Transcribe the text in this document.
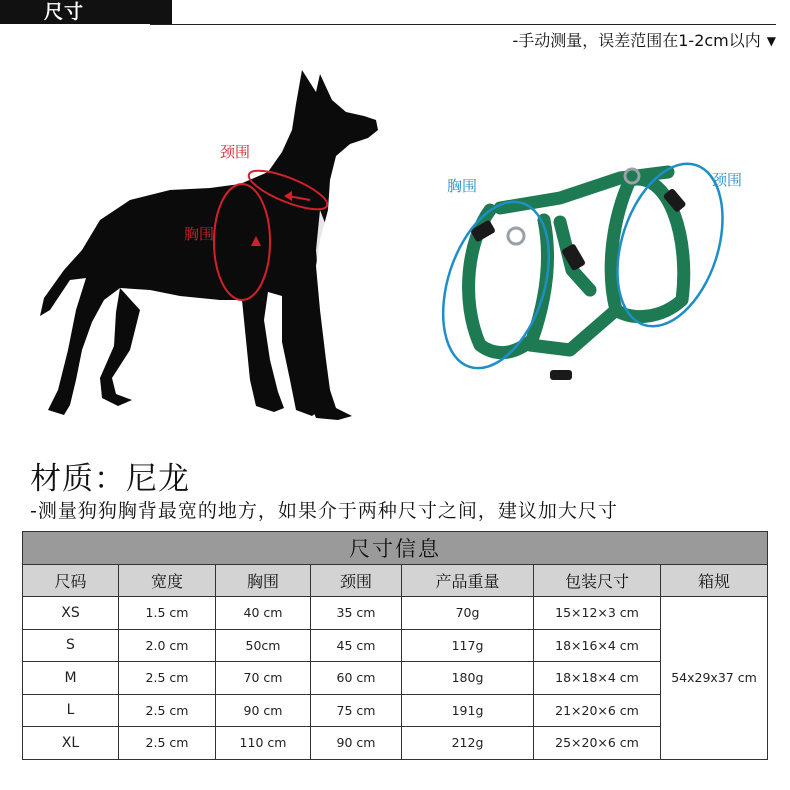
尺寸
-手动测量，误差范围在1-2cm以内 ▼
颈围
胸围
胸围	颈围
材质：尼龙
-测量狗狗胸背最宽的地方，如果介于两种尺寸之间，建议加大尺寸
尺寸信息						
尺码	宽度	胸围	颈围	产品重量	包装尺寸	箱规
XS	1.5 cm	40 cm	35 cm	70g	15×12×3 cm	54x29x37 cm
S	2.0 cm	50cm	45 cm	117g	18×16×4 cm	
M	2.5 cm	70 cm	60 cm	180g	18×18×4 cm	
L	2.5 cm	90 cm	75 cm	191g	21×20×6 cm	
XL	2.5 cm	110 cm	90 cm	212g	25×20×6 cm	
